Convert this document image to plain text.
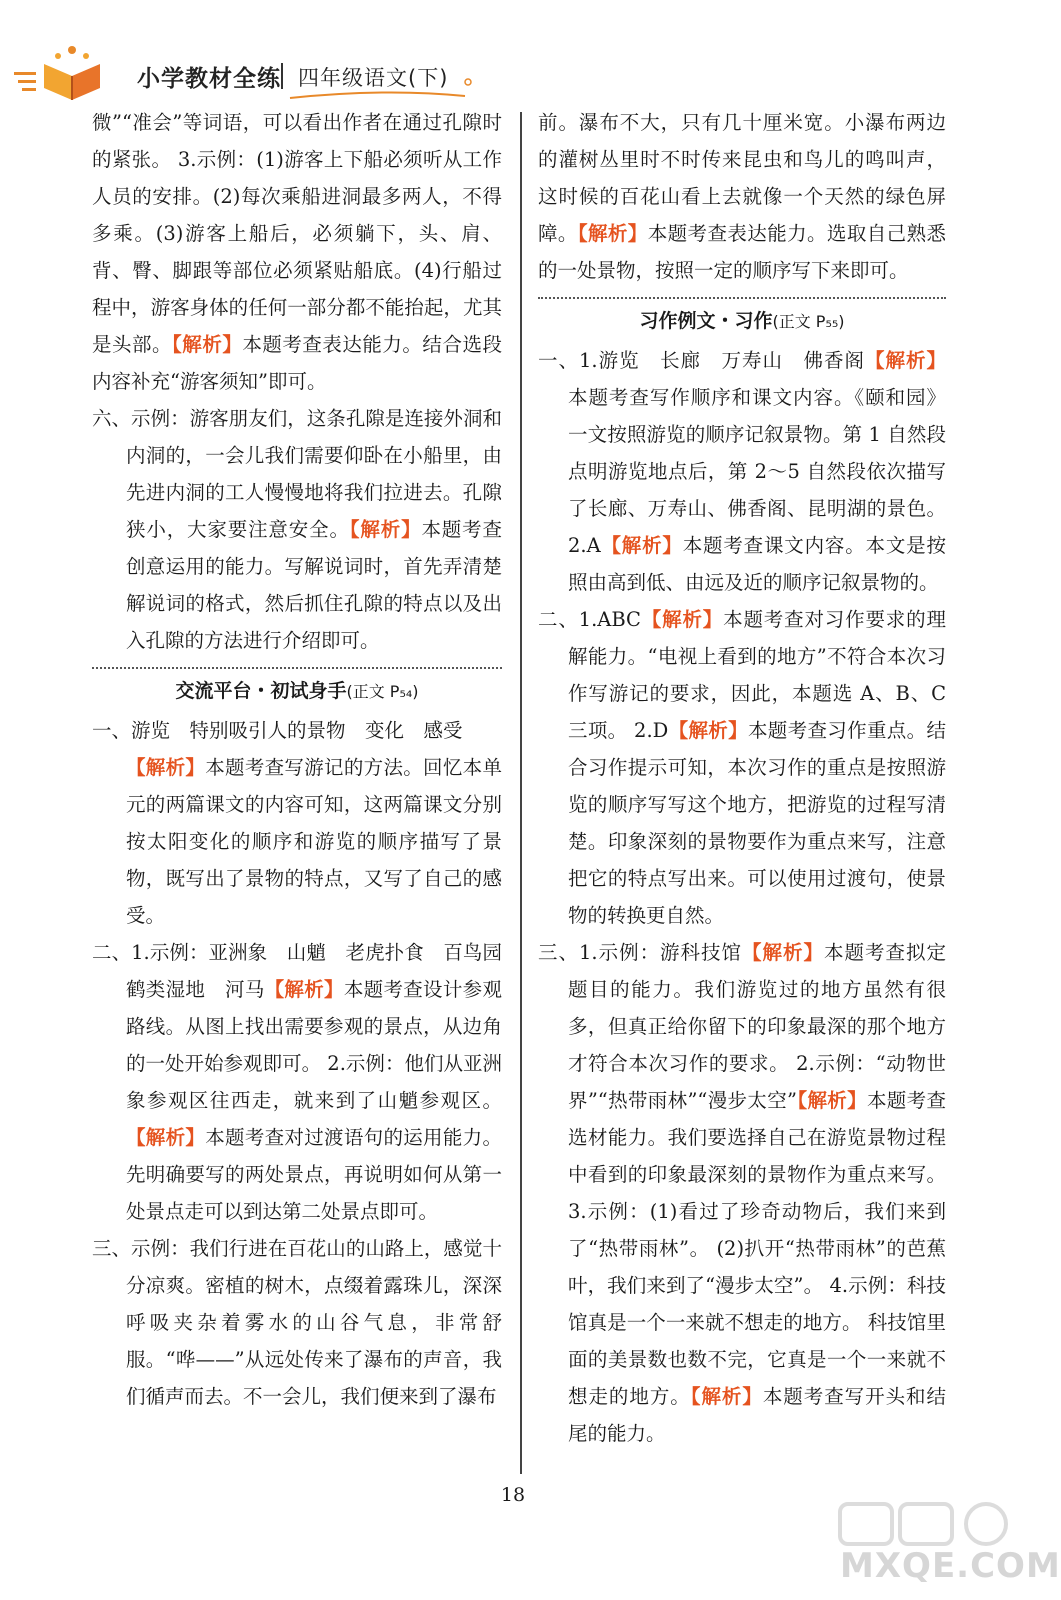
小学教材全练 四年级语文(下)

微”“准会”等词语，可以看出作者在通过孔隙时的紧张。 3.示例：(1)游客上下船必须听从工作人员的安排。(2)每次乘船进洞最多两人，不得多乘。(3)游客上船后，必须躺下，头、肩、背、臀、脚跟等部位必须紧贴船底。(4)行船过程中，游客身体的任何一部分都不能抬起，尤其是头部。【解析】本题考查表达能力。结合选段内容补充“游客须知”即可。

六、示例：游客朋友们，这条孔隙是连接外洞和内洞的，一会儿我们需要仰卧在小船里，由先进内洞的工人慢慢地将我们拉进去。孔隙狭小，大家要注意安全。【解析】本题考查创意运用的能力。写解说词时，首先弄清楚解说词的格式，然后抓住孔隙的特点以及出入孔隙的方法进行介绍即可。

交流平台・初试身手(正文 P₅₄)

一、游览　特别吸引人的景物　变化　感受
【解析】本题考查写游记的方法。回忆本单元的两篇课文的内容可知，这两篇课文分别按太阳变化的顺序和游览的顺序描写了景物，既写出了景物的特点，又写了自己的感受。

二、1.示例：亚洲象　山魈　老虎扑食　百鸟园　鹤类湿地　河马【解析】本题考查设计参观路线。从图上找出需要参观的景点，从边角的一处开始参观即可。 2.示例：他们从亚洲象参观区往西走，就来到了山魈参观区。【解析】本题考查对过渡语句的运用能力。先明确要写的两处景点，再说明如何从第一处景点走可以到达第二处景点即可。

三、示例：我们行进在百花山的山路上，感觉十分凉爽。密植的树木，点缀着露珠儿，深深呼吸夹杂着雾水的山谷气息，非常舒服。“哗——”从远处传来了瀑布的声音，我们循声而去。不一会儿，我们便来到了瀑布

前。瀑布不大，只有几十厘米宽。小瀑布两边的灌树丛里时不时传来昆虫和鸟儿的鸣叫声，这时候的百花山看上去就像一个天然的绿色屏障。【解析】本题考查表达能力。选取自己熟悉的一处景物，按照一定的顺序写下来即可。

习作例文・习作(正文 P₅₅)

一、1.游览　长廊　万寿山　佛香阁【解析】本题考查写作顺序和课文内容。《颐和园》一文按照游览的顺序记叙景物。第 1 自然段点明游览地点后，第 2～5 自然段依次描写了长廊、万寿山、佛香阁、昆明湖的景色。 2.A【解析】本题考查课文内容。本文是按照由高到低、由远及近的顺序记叙景物的。

二、1.ABC【解析】本题考查对习作要求的理解能力。“电视上看到的地方”不符合本次习作写游记的要求，因此，本题选 A、B、C 三项。 2.D【解析】本题考查习作重点。结合习作提示可知，本次习作的重点是按照游览的顺序写写这个地方，把游览的过程写清楚。印象深刻的景物要作为重点来写，注意把它的特点写出来。可以使用过渡句，使景物的转换更自然。

三、1.示例：游科技馆【解析】本题考查拟定题目的能力。我们游览过的地方虽然有很多，但真正给你留下的印象最深的那个地方才符合本次习作的要求。 2.示例：“动物世界”“热带雨林”“漫步太空”【解析】本题考查选材能力。我们要选择自己在游览景物过程中看到的印象最深刻的景物作为重点来写。 3.示例：(1)看过了珍奇动物后，我们来到了“热带雨林”。 (2)扒开“热带雨林”的芭蕉叶，我们来到了“漫步太空”。 4.示例：科技馆真是一个一来就不想走的地方。 科技馆里面的美景数也数不完，它真是一个一来就不想走的地方。【解析】本题考查写开头和结尾的能力。

18
MXQE.COM
